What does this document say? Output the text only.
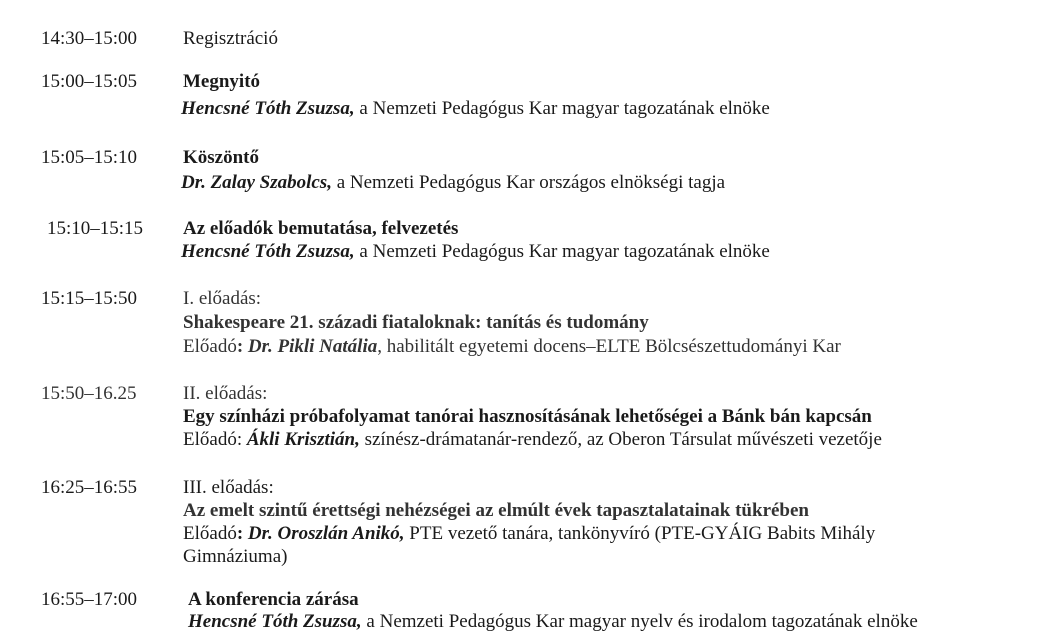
14:30–15:00 Regisztráció
15:00–15:05 Megnyitó
Hencsné Tóth Zsuzsa, a Nemzeti Pedagógus Kar magyar tagozatának elnöke
15:05–15:10 Köszöntő
Dr. Zalay Szabolcs, a Nemzeti Pedagógus Kar országos elnökségi tagja
15:10–15:15 Az előadók bemutatása, felvezetés
Hencsné Tóth Zsuzsa, a Nemzeti Pedagógus Kar magyar tagozatának elnöke
15:15–15:50 I. előadás:
Shakespeare 21. századi fiataloknak: tanítás és tudomány
Előadó: Dr. Pikli Natália, habilitált egyetemi docens–ELTE Bölcsészettudományi Kar
15:50–16.25 II. előadás:
Egy színházi próbafolyamat tanórai hasznosításának lehetőségei a Bánk bán kapcsán
Előadó: Ákli Krisztián, színész-drámatanár-rendező, az Oberon Társulat művészeti vezetője
16:25–16:55 III. előadás:
Az emelt szintű érettségi nehézségei az elmúlt évek tapasztalatainak tükrében
Előadó: Dr. Oroszlán Anikó, PTE vezető tanára, tankönyvíró (PTE-GYÁIG Babits Mihály
Gimnáziuma)
16:55–17:00	A konferencia zárása
Hencsné Tóth Zsuzsa, a Nemzeti Pedagógus Kar magyar nyelv és irodalom tagozatának elnöke
